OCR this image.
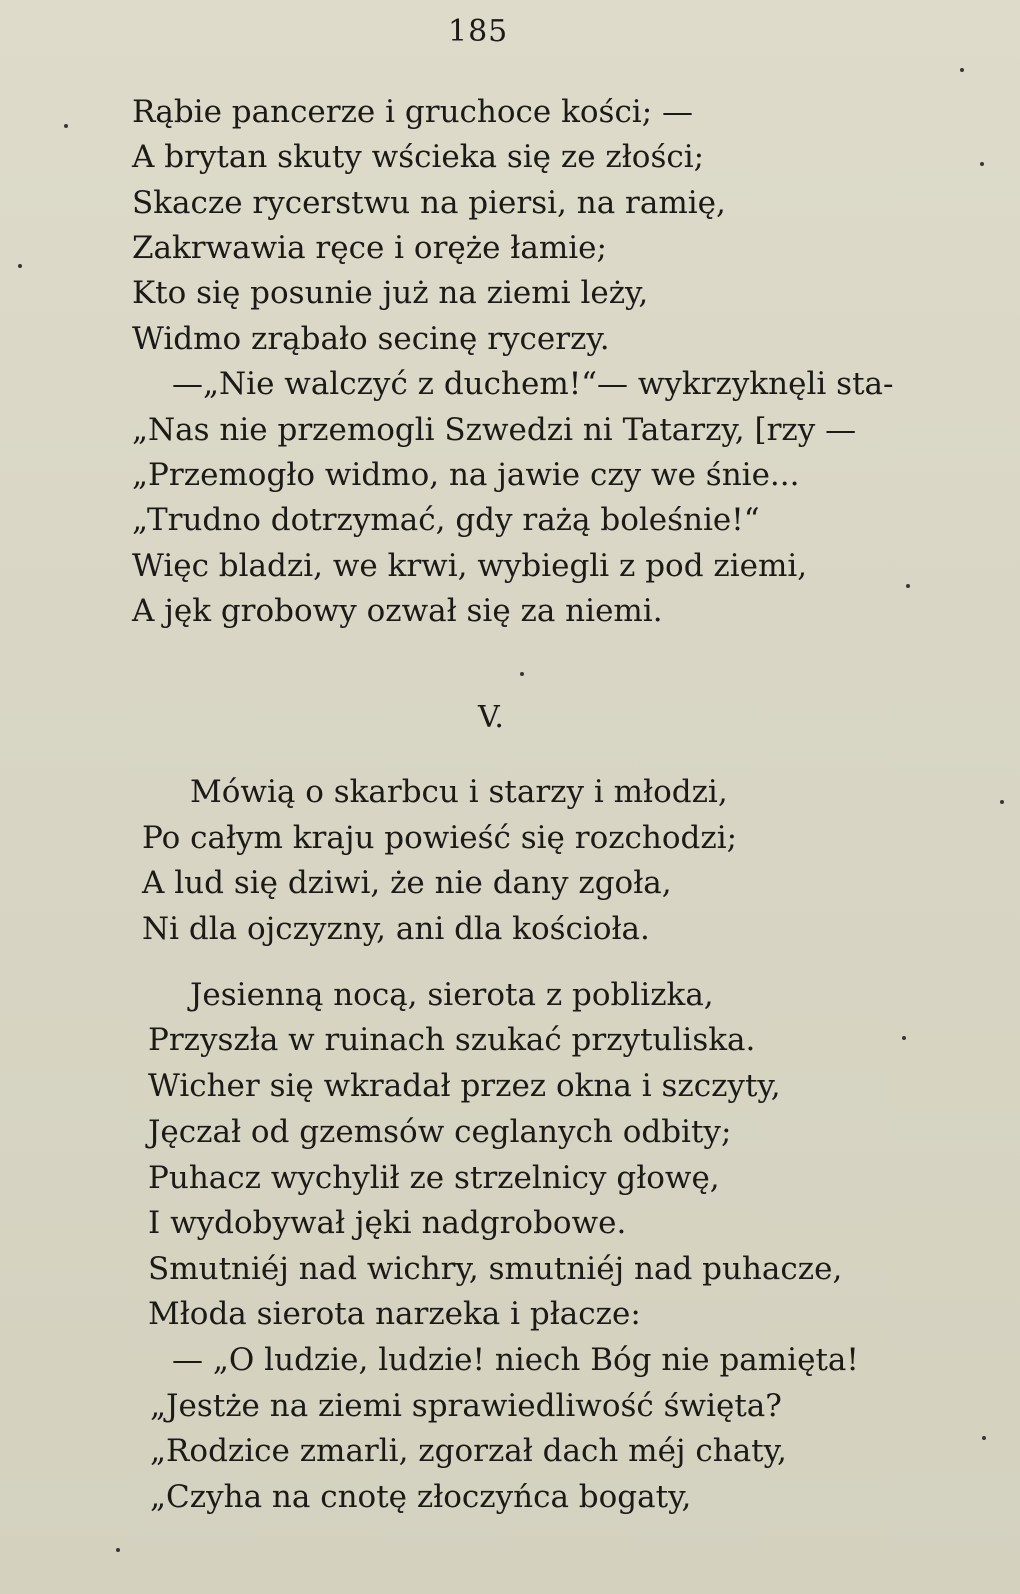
185
Rąbie pancerze i gruchoce kości; —
A brytan skuty wścieka się ze złości;
Skacze rycerstwu na piersi, na ramię,
Zakrwawia ręce i oręże łamie;
Kto się posunie już na ziemi leży,
Widmo zrąbało secinę rycerzy.
—„Nie walczyć z duchem!“— wykrzyknęli sta-
„Nas nie przemogli Szwedzi ni Tatarzy, [rzy —
„Przemogło widmo, na jawie czy we śnie...
„Trudno dotrzymać, gdy rażą boleśnie!“
Więc bladzi, we krwi, wybiegli z pod ziemi,
A jęk grobowy ozwał się za niemi.
V.
Mówią o skarbcu i starzy i młodzi,
Po całym kraju powieść się rozchodzi;
A lud się dziwi, że nie dany zgoła,
Ni dla ojczyzny, ani dla kościoła.
Jesienną nocą, sierota z poblizka,
Przyszła w ruinach szukać przytuliska.
Wicher się wkradał przez okna i szczyty,
Jęczał od gzemsów ceglanych odbity;
Puhacz wychylił ze strzelnicy głowę,
I wydobywał jęki nadgrobowe.
Smutniéj nad wichry, smutniéj nad puhacze,
Młoda sierota narzeka i płacze:
— „O ludzie, ludzie! niech Bóg nie pamięta!
„Jestże na ziemi sprawiedliwość święta?
„Rodzice zmarli, zgorzał dach méj chaty,
„Czyha na cnotę złoczyńca bogaty,
